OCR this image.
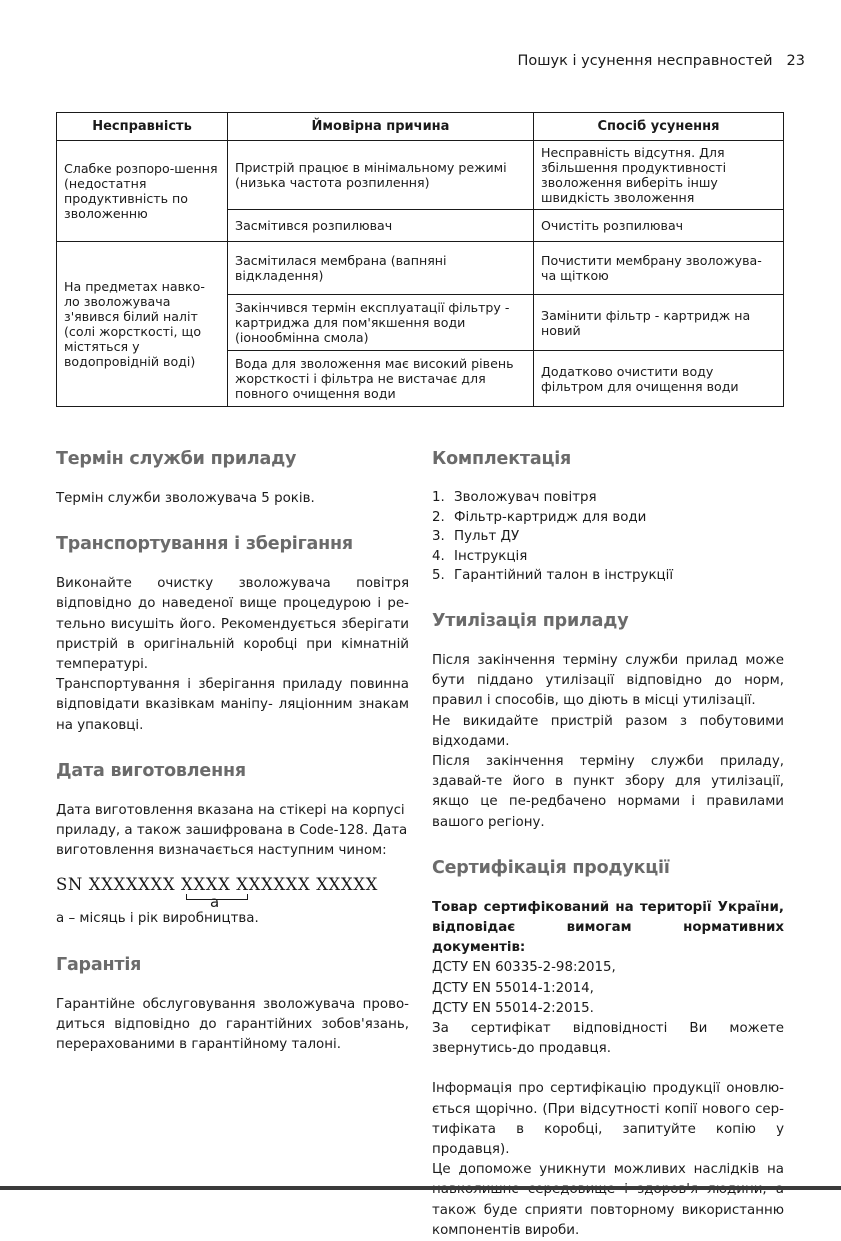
Пошук і усунення несправностей 23
Несправність	Ймовірна причина	Спосіб усунення
Слабке розпоро-шення (недостатня продуктивність по зволоженню	Пристрій працює в мінімальному режимі (низька частота розпилення)	Несправність відсутня. Для збільшення продуктивності зволоження виберіть іншу швидкість зволоження
	Засмітився розпилювач	Очистіть розпилювач
На предметах навко-ло зволожувача з'явився білий наліт (солі жорсткості, що містяться у водопровідній воді)	Засмітилася мембрана (вапняні відкладення)	Почистити мембрану зволожува-ча щіткою
	Закінчився термін експлуатації фільтру - картриджа для пом'якшення води (іонообмінна смола)	Замінити фільтр - картридж на новий
	Вода для зволоження має високий рівень жорсткості і фільтра не вистачає для повного очищення води	Додатково очистити воду фільтром для очищення води
Термін служби приладу

Термін служби зволожувача 5 років.

Транспортування і зберігання

Виконайте очистку зволожувача повітря відповідно до наведеної вище процедурою і ре-тельно висушіть його. Рекомендується зберігати пристрій в оригінальній коробці при кімнатній температурі.

Транспортування і зберігання приладу повинна відповідати вказівкам маніпу- ляціонним знакам на упаковці.

Дата виготовлення

Дата виготовлення вказана на стікері на корпусі приладу, а також зашифрована в Code-128. Дата виготовлення визначається наступним чином:

SN XXXXXXX XXXX XXXXXX XXXXX
a

a – місяць і рік виробництва.

Гарантія

Гарантійне обслуговування зволожувача прово-диться відповідно до гарантійних зобов'язань, перерахованими в гарантійному талоні.

Комплектація
1. Зволожувач повітря
2. Фільтр-картридж для води
3. Пульт ДУ
4. Інструкція
5. Гарантійний талон в інструкції
Утилізація приладу

Після закінчення терміну служби прилад може бути піддано утилізації відповідно до норм, правил і способів, що діють в місці утилізації.

Не викидайте пристрій разом з побутовими відходами.

Після закінчення терміну служби приладу, здавай-те його в пункт збору для утилізації, якщо це пе-редбачено нормами і правилами вашого регіону.

Сертифікація продукції

Товар сертифікований на території України, відповідає вимогам нормативних документів:

ДСТУ EN 60335-2-98:2015,

ДСТУ EN 55014-1:2014,

ДСТУ EN 55014-2:2015.

За сертифікат відповідності Ви можете звернутись-до продавця.

Інформація про сертифікацію продукції оновлю-ється щорічно. (При відсутності копії нового сер-тифіката в коробці, запитуйте копію у продавця).

Це допоможе уникнути можливих наслідків на також буде сприяти повторному використанню компонентів вироби.
